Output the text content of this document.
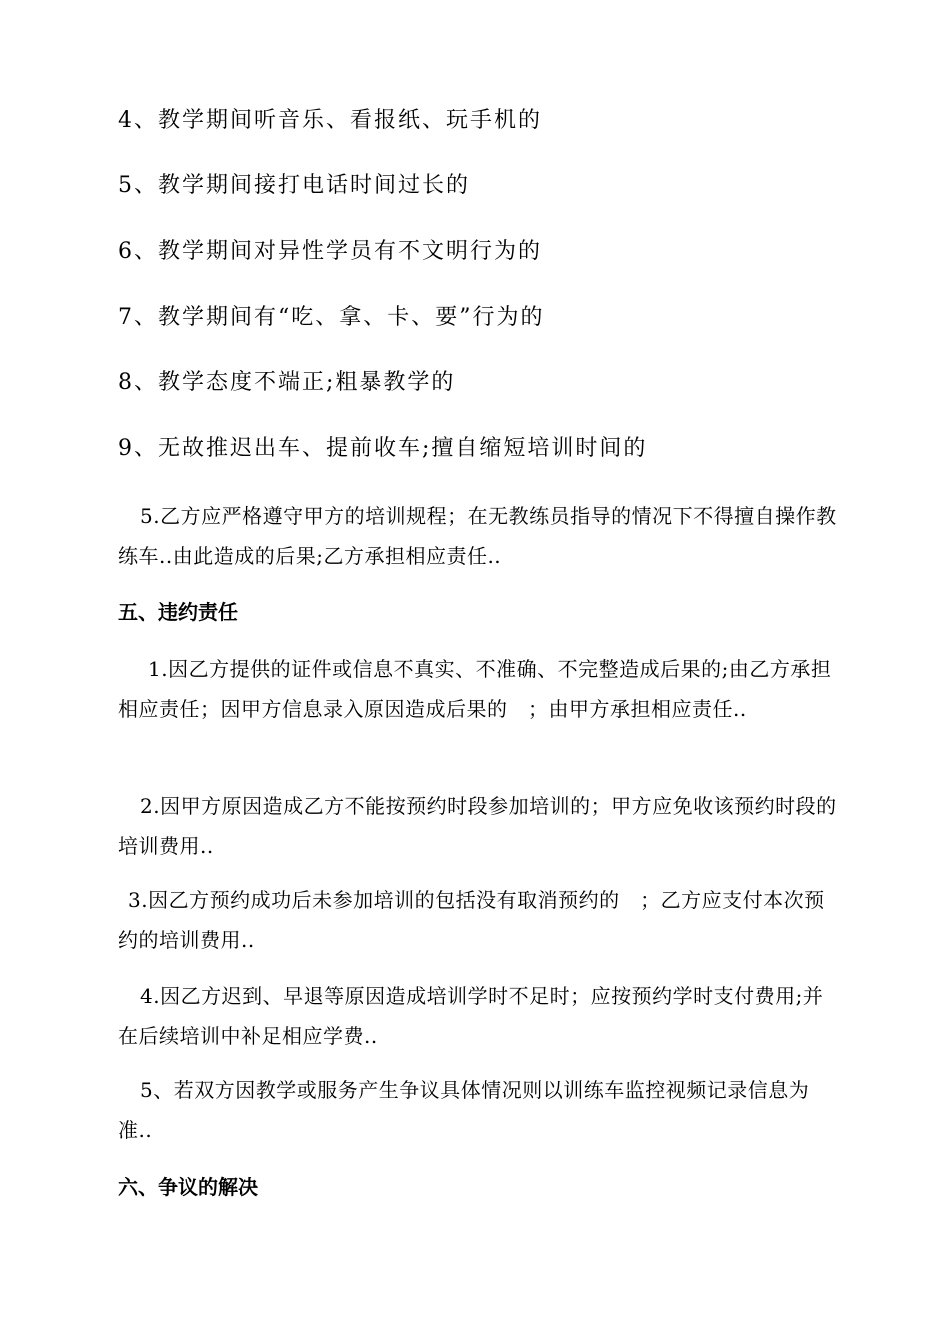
4、教学期间听音乐、看报纸、玩手机的
5、教学期间接打电话时间过长的
6、教学期间对异性学员有不文明行为的
7、教学期间有“吃、拿、卡、要”行为的
8、教学态度不端正;粗暴教学的
9、无故推迟出车、提前收车;擅自缩短培训时间的
5.乙方应严格遵守甲方的培训规程；在无教练员指导的情况下不得擅自操作教练车..由此造成的后果;乙方承担相应责任..
五、违约责任
1.因乙方提供的证件或信息不真实、不准确、不完整造成后果的;由乙方承担相应责任；因甲方信息录入原因造成后果的　；由甲方承担相应责任..
2.因甲方原因造成乙方不能按预约时段参加培训的；甲方应免收该预约时段的培训费用..
3.因乙方预约成功后未参加培训的包括没有取消预约的　；乙方应支付本次预约的培训费用..
4.因乙方迟到、早退等原因造成培训学时不足时；应按预约学时支付费用;并在后续培训中补足相应学费..
5、若双方因教学或服务产生争议具体情况则以训练车监控视频记录信息为准..
六、争议的解决
